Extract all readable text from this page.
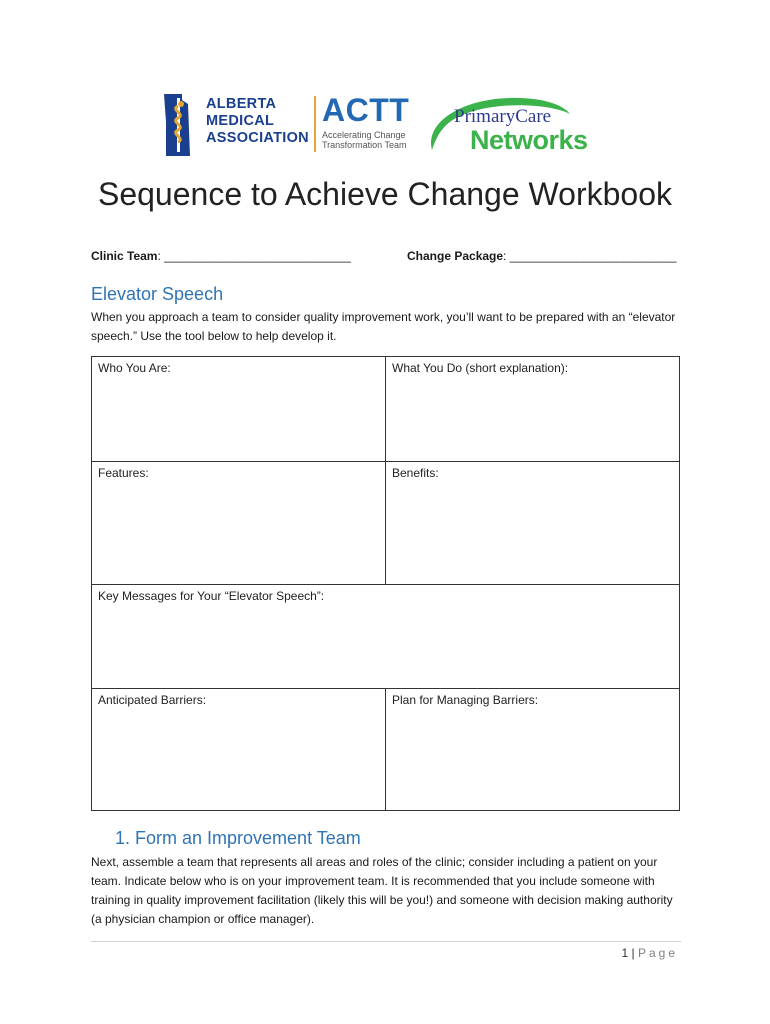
ALBERTA
MEDICAL
ASSOCIATION
ACTT
Accelerating Change
Transformation Team
PrimaryCare
Networks
Sequence to Achieve Change Workbook
Clinic Team: ____________________________	Change Package: _________________________
Elevator Speech
When you approach a team to consider quality improvement work, you’ll want to be prepared with an “elevator speech.” Use the tool below to help develop it.
Who You Are:	What You Do (short explanation):
Features:	Benefits:
Key Messages for Your “Elevator Speech”:	
Anticipated Barriers:	Plan for Managing Barriers:
1. Form an Improvement Team
Next, assemble a team that represents all areas and roles of the clinic; consider including a patient on your team. Indicate below who is on your improvement team. It is recommended that you include someone with training in quality improvement facilitation (likely this will be you!) and someone with decision making authority (a physician champion or office manager).
1 | Page
